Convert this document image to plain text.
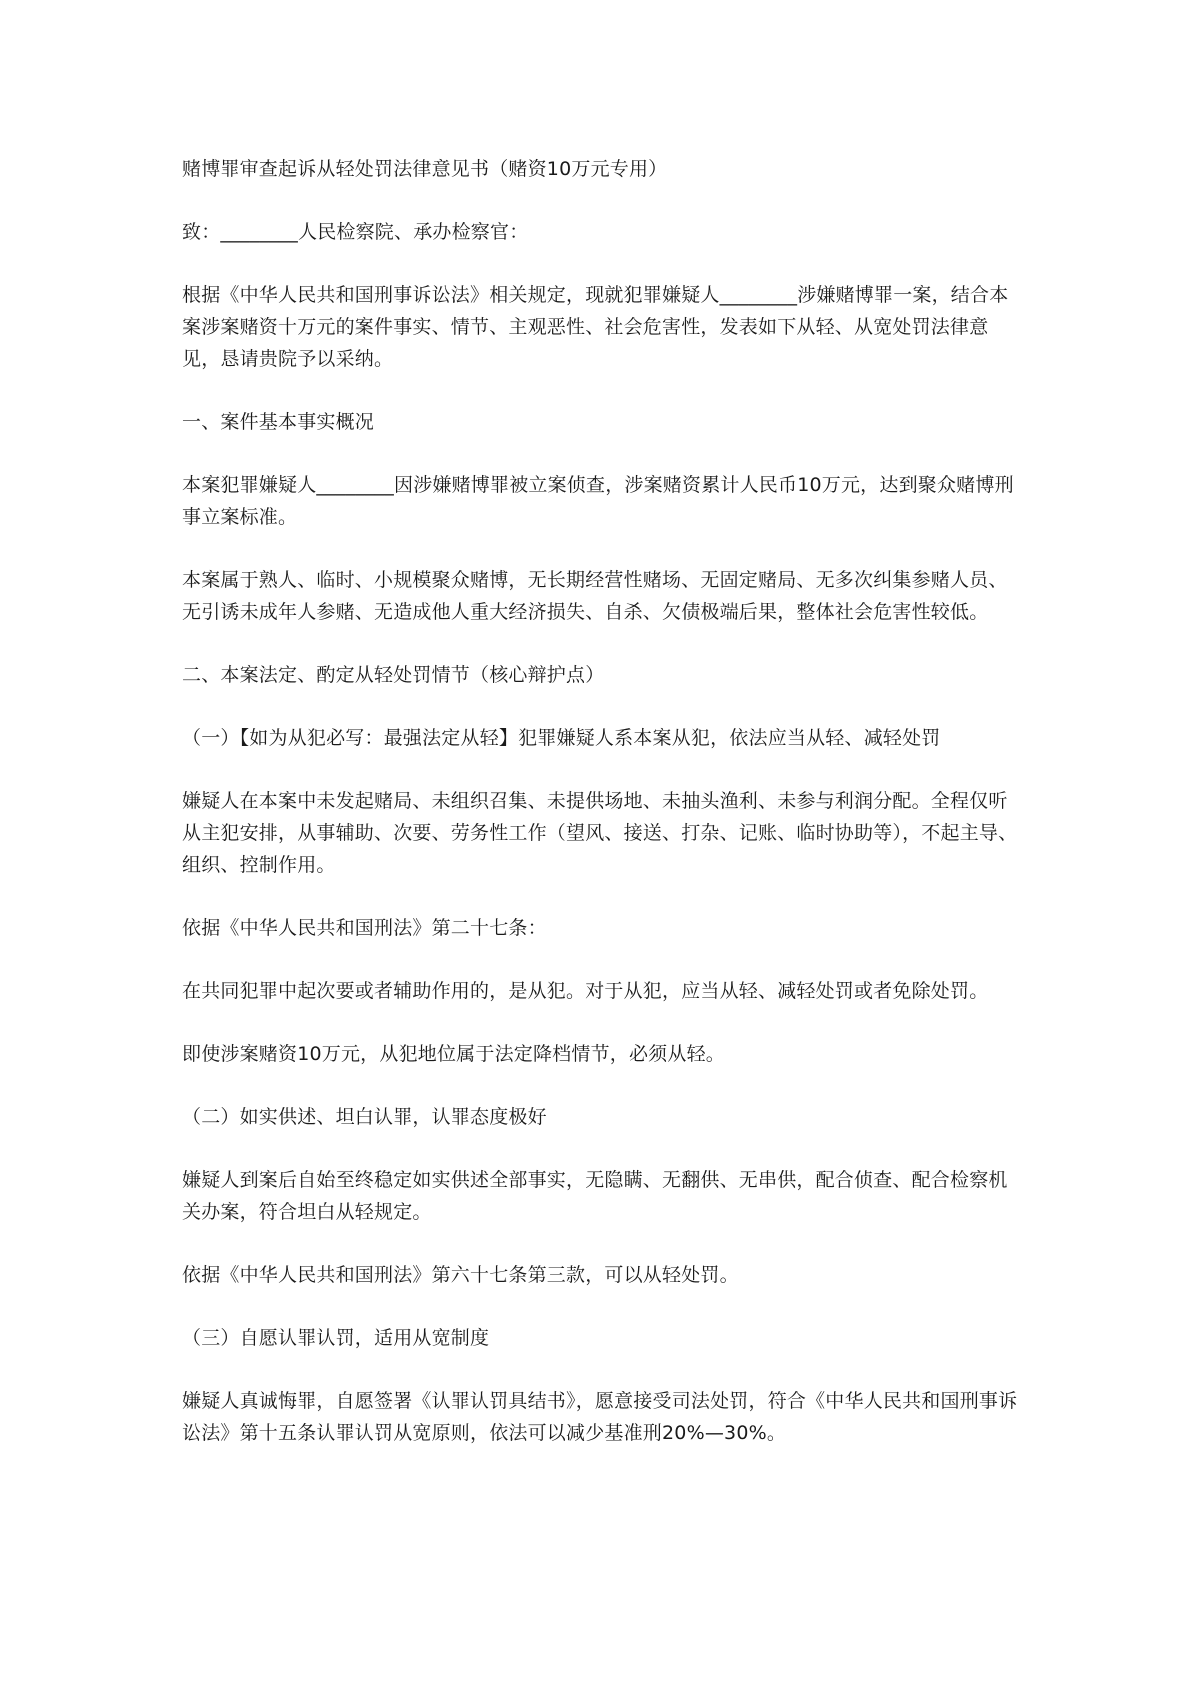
赌博罪审查起诉从轻处罚法律意见书（赌资10万元专用）

致：________人民检察院、承办检察官：

根据《中华人民共和国刑事诉讼法》相关规定，现就犯罪嫌疑人________涉嫌赌博罪一案，结合本案涉案赌资十万元的案件事实、情节、主观恶性、社会危害性，发表如下从轻、从宽处罚法律意见，恳请贵院予以采纳。

一、案件基本事实概况

本案犯罪嫌疑人________因涉嫌赌博罪被立案侦查，涉案赌资累计人民币10万元，达到聚众赌博刑事立案标准。

本案属于熟人、临时、小规模聚众赌博，无长期经营性赌场、无固定赌局、无多次纠集参赌人员、无引诱未成年人参赌、无造成他人重大经济损失、自杀、欠债极端后果，整体社会危害性较低。

二、本案法定、酌定从轻处罚情节（核心辩护点）

（一）【如为从犯必写：最强法定从轻】犯罪嫌疑人系本案从犯，依法应当从轻、减轻处罚

嫌疑人在本案中未发起赌局、未组织召集、未提供场地、未抽头渔利、未参与利润分配。全程仅听从主犯安排，从事辅助、次要、劳务性工作（望风、接送、打杂、记账、临时协助等），不起主导、组织、控制作用。

依据《中华人民共和国刑法》第二十七条：

在共同犯罪中起次要或者辅助作用的，是从犯。对于从犯，应当从轻、减轻处罚或者免除处罚。

即使涉案赌资10万元，从犯地位属于法定降档情节，必须从轻。

（二）如实供述、坦白认罪，认罪态度极好

嫌疑人到案后自始至终稳定如实供述全部事实，无隐瞒、无翻供、无串供，配合侦查、配合检察机关办案，符合坦白从轻规定。

依据《中华人民共和国刑法》第六十七条第三款，可以从轻处罚。

（三）自愿认罪认罚，适用从宽制度

嫌疑人真诚悔罪，自愿签署《认罪认罚具结书》，愿意接受司法处罚，符合《中华人民共和国刑事诉讼法》第十五条认罪认罚从宽原则，依法可以减少基准刑20%—30%。
